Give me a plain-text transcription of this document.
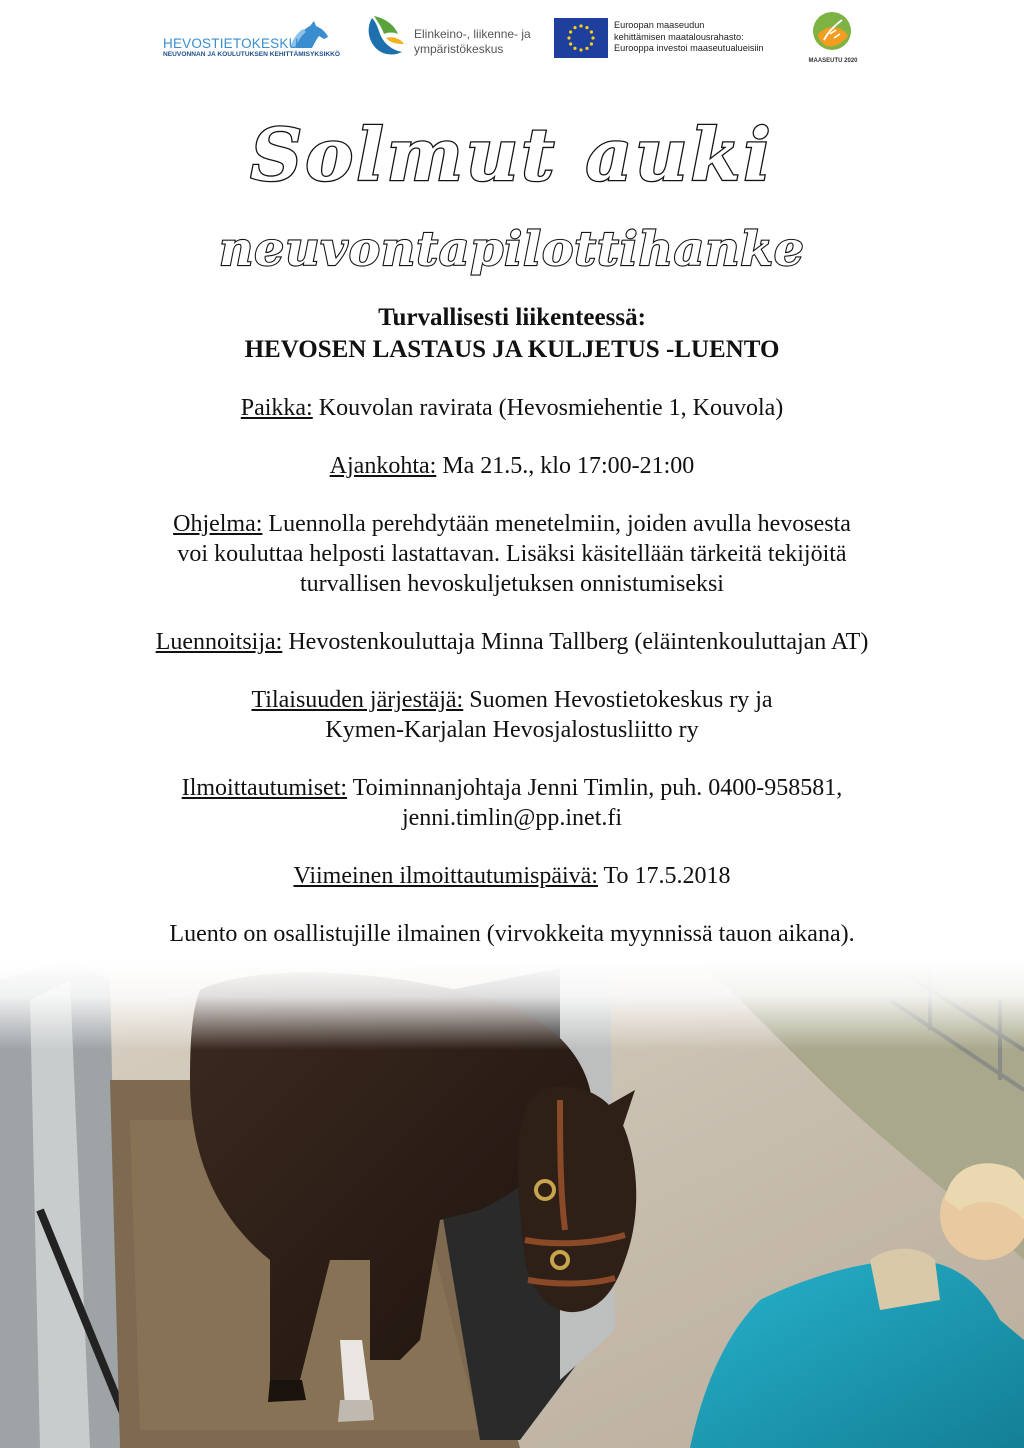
HEVOSTIETOKESKUS
NEUVONNAN JA KOULUTUKSEN KEHITTÄMISYKSIKKÖ
Elinkeino-, liikenne- ja
ympäristökeskus
Euroopan maaseudun
kehittämisen maatalousrahasto:
Eurooppa investoi maaseutualueisiin
MAASEUTU 2020
Solmut auki
neuvontapilottihanke
Turvallisesti liikenteessä:
HEVOSEN LASTAUS JA KULJETUS -LUENTO

Paikka: Kouvolan ravirata (Hevosmiehentie 1, Kouvola)

Ajankohta: Ma 21.5., klo 17:00-21:00

Ohjelma: Luennolla perehdytään menetelmiin, joiden avulla hevosesta
voi kouluttaa helposti lastattavan. Lisäksi käsitellään tärkeitä tekijöitä
turvallisen hevoskuljetuksen onnistumiseksi

Luennoitsija: Hevostenkouluttaja Minna Tallberg (eläintenkouluttajan AT)

Tilaisuuden järjestäjä: Suomen Hevostietokeskus ry ja
Kymen-Karjalan Hevosjalostusliitto ry

Ilmoittautumiset: Toiminnanjohtaja Jenni Timlin, puh. 0400-958581,
jenni.timlin@pp.inet.fi

Viimeinen ilmoittautumispäivä: To 17.5.2018

Luento on osallistujille ilmainen (virvokkeita myynnissä tauon aikana).
